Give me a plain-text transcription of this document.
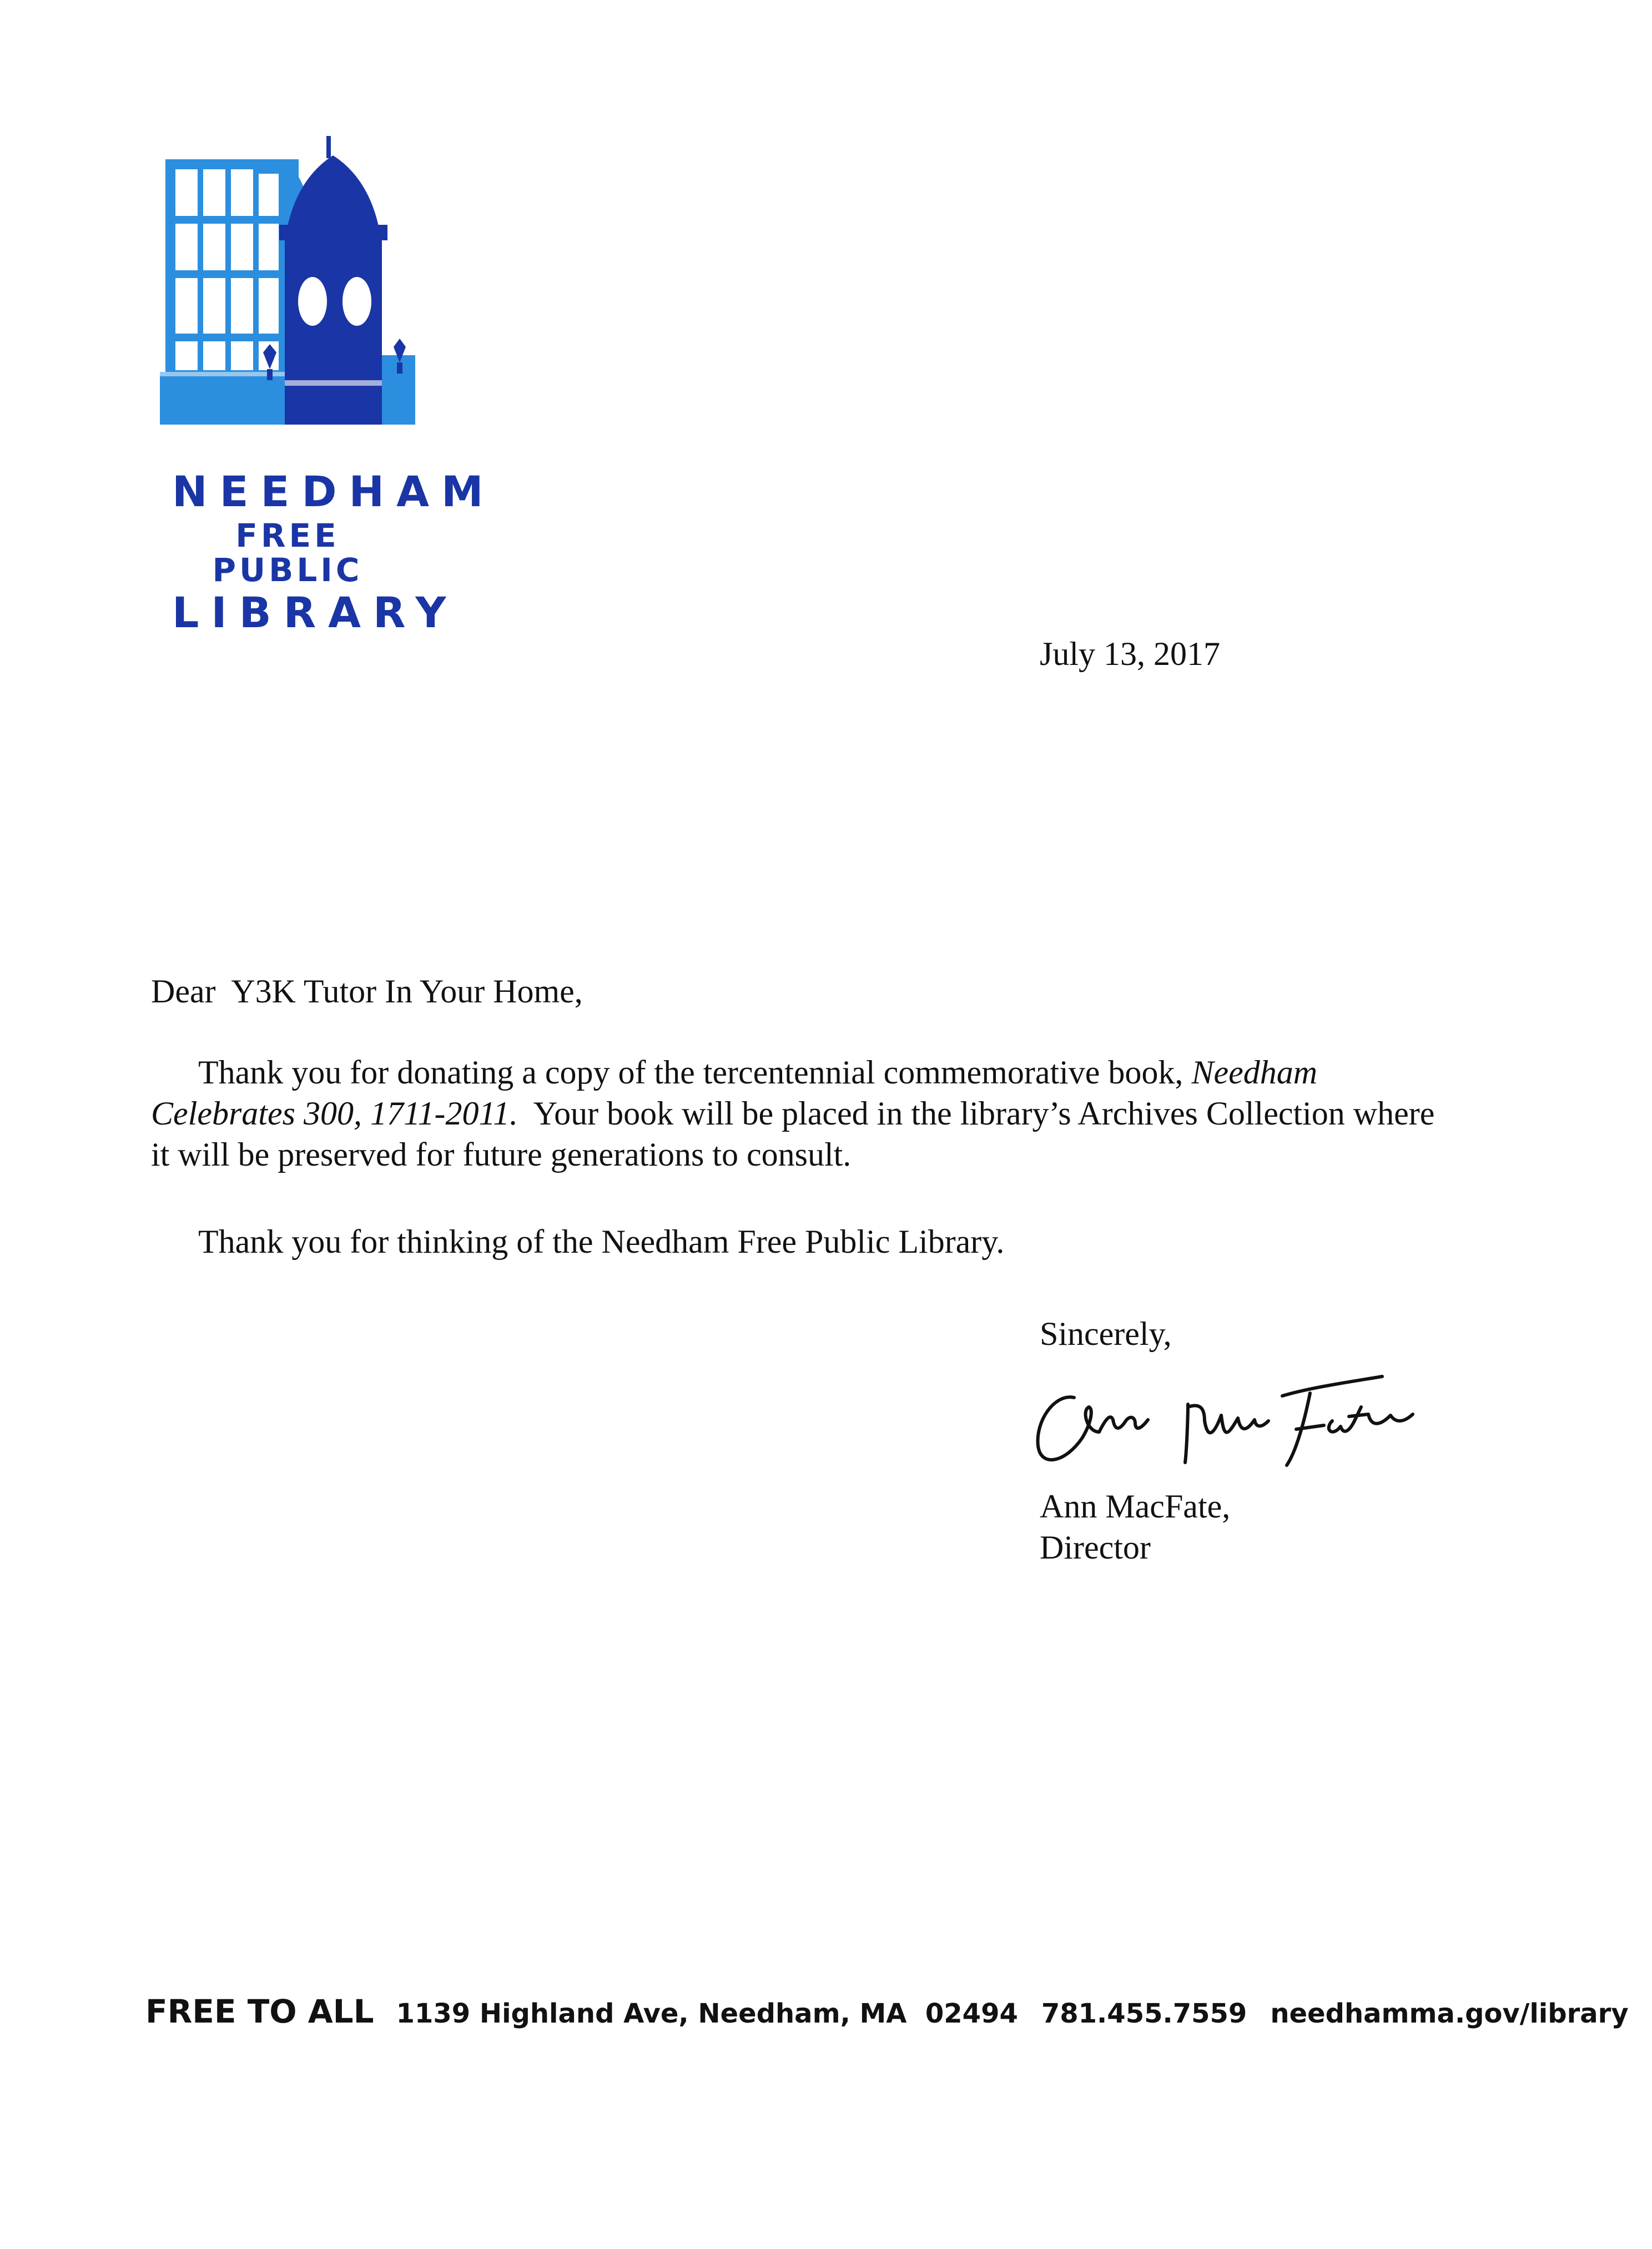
NEEDHAM
FREE PUBLIC
LIBRARY
July 13, 2017
Dear  Y3K Tutor In Your Home,

Thank you for donating a copy of the tercentennial commemorative book, Needham Celebrates 300, 1711-2011.  Your book will be placed in the library’s Archives Collection where it will be preserved for future generations to consult.

Thank you for thinking of the Needham Free Public Library.

Sincerely,
Ann MacFate,
Director
FREE TO ALL 1139 Highland Ave, Needham, MA  02494 781.455.7559 needhamma.gov/library
